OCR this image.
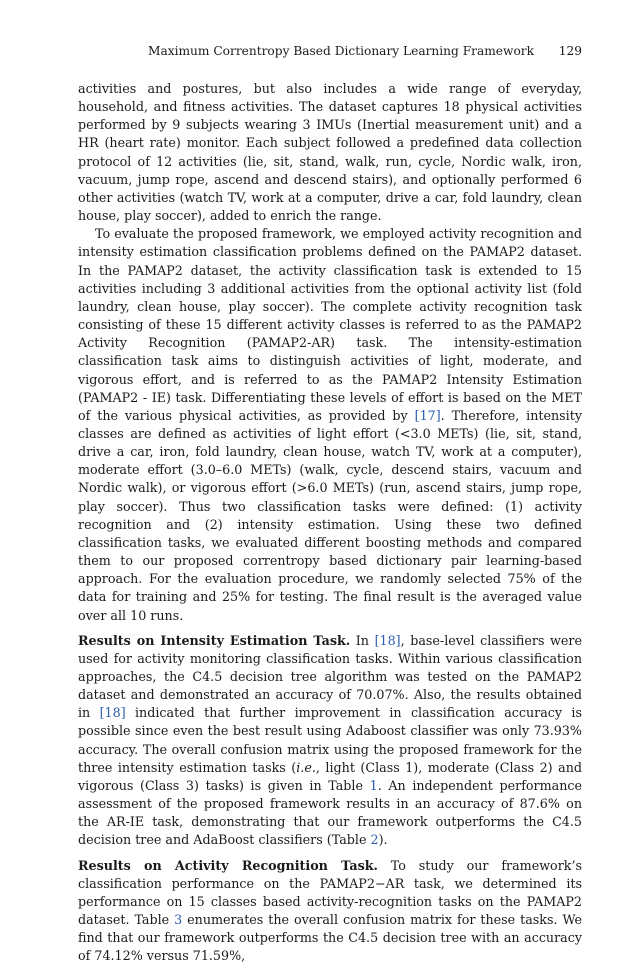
Maximum Correntropy Based Dictionary Learning Framework 129

activities and postures, but also includes a wide range of everyday, household, and fitness activities. The dataset captures 18 physical activities performed by 9 subjects wearing 3 IMUs (Inertial measurement unit) and a HR (heart rate) monitor. Each subject followed a predefined data collection protocol of 12 activities (lie, sit, stand, walk, run, cycle, Nordic walk, iron, vacuum, jump rope, ascend and descend stairs), and optionally performed 6 other activities (watch TV, work at a computer, drive a car, fold laundry, clean house, play soccer), added to enrich the range.

To evaluate the proposed framework, we employed activity recognition and intensity estimation classification problems defined on the PAMAP2 dataset. In the PAMAP2 dataset, the activity classification task is extended to 15 activities including 3 additional activities from the optional activity list (fold laundry, clean house, play soccer). The complete activity recognition task consisting of these 15 different activity classes is referred to as the PAMAP2 Activity Recognition (PAMAP2-AR) task. The intensity-estimation classification task aims to distinguish activities of light, moderate, and vigorous effort, and is referred to as the PAMAP2 Intensity Estimation (PAMAP2 - IE) task. Differentiating these levels of effort is based on the MET of the various physical activities, as provided by [17]. Therefore, intensity classes are defined as activities of light effort (<3.0 METs) (lie, sit, stand, drive a car, iron, fold laundry, clean house, watch TV, work at a computer), moderate effort (3.0–6.0 METs) (walk, cycle, descend stairs, vacuum and Nordic walk), or vigorous effort (>6.0 METs) (run, ascend stairs, jump rope, play soccer). Thus two classification tasks were defined: (1) activity recognition and (2) intensity estimation. Using these two defined classification tasks, we evaluated different boosting methods and compared them to our proposed correntropy based dictionary pair learning-based approach. For the evaluation procedure, we randomly selected 75% of the data for training and 25% for testing. The final result is the averaged value over all 10 runs.

Results on Intensity Estimation Task. In [18], base-level classifiers were used for activity monitoring classification tasks. Within various classification approaches, the C4.5 decision tree algorithm was tested on the PAMAP2 dataset and demonstrated an accuracy of 70.07%. Also, the results obtained in [18] indicated that further improvement in classification accuracy is possible since even the best result using Adaboost classifier was only 73.93% accuracy. The overall confusion matrix using the proposed framework for the three intensity estimation tasks (i.e., light (Class 1), moderate (Class 2) and vigorous (Class 3) tasks) is given in Table 1. An independent performance assessment of the proposed framework results in an accuracy of 87.6% on the AR-IE task, demonstrating that our framework outperforms the C4.5 decision tree and AdaBoost classifiers (Table 2).

Results on Activity Recognition Task. To study our framework’s classification performance on the PAMAP2−AR task, we determined its performance on 15 classes based activity-recognition tasks on the PAMAP2 dataset. Table 3 enumerates the overall confusion matrix for these tasks. We find that our framework outperforms the C4.5 decision tree with an accuracy of 74.12% versus 71.59%,
